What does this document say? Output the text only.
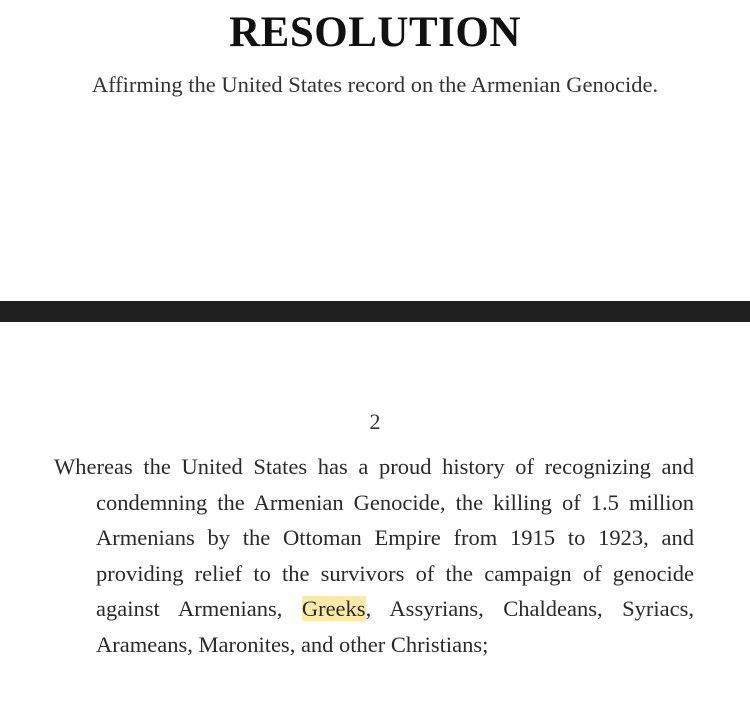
RESOLUTION
Affirming the United States record on the Armenian Genocide.
2

Whereas the United States has a proud history of recognizing and condemning the Armenian Genocide, the killing of 1.5 million Armenians by the Ottoman Empire from 1915 to 1923, and providing relief to the survivors of the campaign of genocide against Armenians, Greeks, Assyrians, Chaldeans, Syriacs, Arameans, Maronites, and other Christians;
